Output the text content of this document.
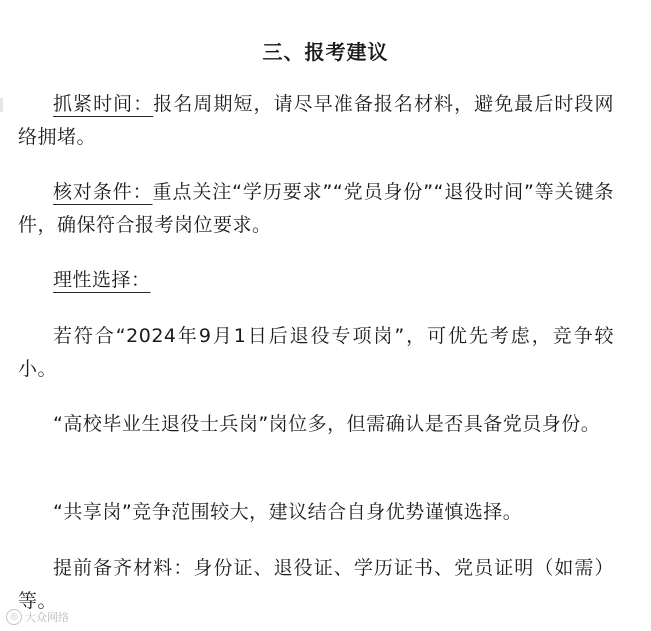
三、报考建议

抓紧时间：报名周期短，请尽早准备报名材料，避免最后时段网络拥堵。

核对条件：重点关注“学历要求”“党员身份”“退役时间”等关键条件，确保符合报考岗位要求。

理性选择：

若符合“2024年9月1日后退役专项岗”，可优先考虑，竞争较小。

“高校毕业生退役士兵岗”岗位多，但需确认是否具备党员身份。

“共享岗”竞争范围较大，建议结合自身优势谨慎选择。

提前备齐材料：身份证、退役证、学历证书、党员证明（如需）等。

◎ 大众网络
